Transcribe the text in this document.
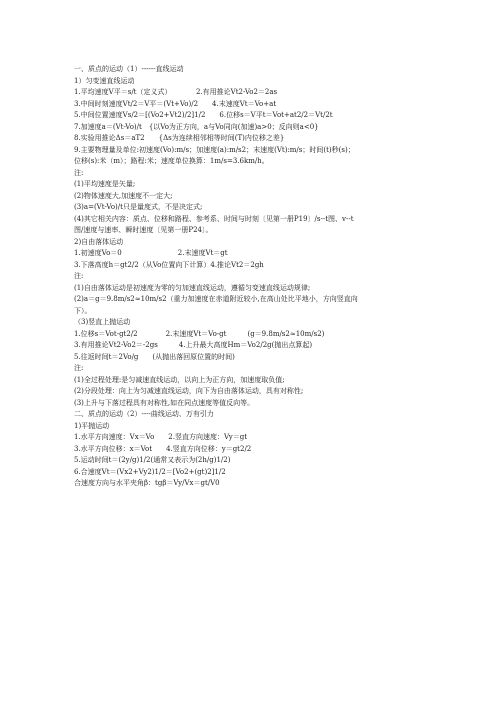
一、质点的运动（1）------直线运动
1）匀变速直线运动
1.平均速度V平＝s/t（定义式）　　　　2.有用推论Vt2-Vo2＝2as
3.中间时刻速度Vt/2＝V平＝(Vt+Vo)/2　　4.末速度Vt＝Vo+at
5.中间位置速度Vs/2＝[(Vo2+Vt2)/2]1/2　　6.位移s＝V平t＝Vot+at2/2＝Vt/2t
7.加速度a＝(Vt-Vo)/t　{以Vo为正方向，a与Vo同向(加速)a>0；反向则a<0}
8.实验用推论Δs＝aT2　　{Δs为连续相邻相等时间(T)内位移之差}
9.主要物理量及单位:初速度(Vo):m/s；加速度(a):m/s2；末速度(Vt):m/s；时间(t)秒(s)；
位移(s):米（m）；路程:米；速度单位换算：1m/s=3.6km/h。
注:
(1)平均速度是矢量;
(2)物体速度大,加速度不一定大;
(3)a=(Vt-Vo)/t只是量度式，不是决定式;
(4)其它相关内容：质点、位移和路程、参考系、时间与时刻〔见第一册P19〕/s--t图、v--t
图/速度与速率、瞬时速度〔见第一册P24〕。
2)自由落体运动
1.初速度Vo＝0　　　　　　　　2.末速度Vt＝gt
3.下落高度h＝gt2/2（从Vo位置向下计算）4.推论Vt2＝2gh
注:
(1)自由落体运动是初速度为零的匀加速直线运动，遵循匀变速直线运动规律;
(2)a＝g＝9.8m/s2≈10m/s2（重力加速度在赤道附近较小,在高山处比平地小，方向竖直向
下）。
（3)竖直上抛运动
1.位移s＝Vot-gt2/2　　　　2.末速度Vt＝Vo-gt　　　(g＝9.8m/s2≈10m/s2)
3.有用推论Vt2-Vo2＝-2gs　　　4.上升最大高度Hm＝Vo2/2g(抛出点算起)
5.往返时间t＝2Vo/g　　(从抛出落回原位置的时间)
注:
(1)全过程处理:是匀减速直线运动，以向上为正方向，加速度取负值;
(2)分段处理：向上为匀减速直线运动，向下为自由落体运动，具有对称性;
(3)上升与下落过程具有对称性,如在同点速度等值反向等。
二、质点的运动（2）----曲线运动、万有引力
1)平抛运动
1.水平方向速度：Vx＝Vo　　2.竖直方向速度：Vy＝gt
3.水平方向位移：x＝Vot　　4.竖直方向位移：y＝gt2/2
5.运动时间t＝(2y/g)1/2(通常又表示为(2h/g)1/2)
6.合速度Vt＝(Vx2+Vy2)1/2＝[Vo2+(gt)2]1/2
合速度方向与水平夹角β：tgβ＝Vy/Vx＝gt/V0
